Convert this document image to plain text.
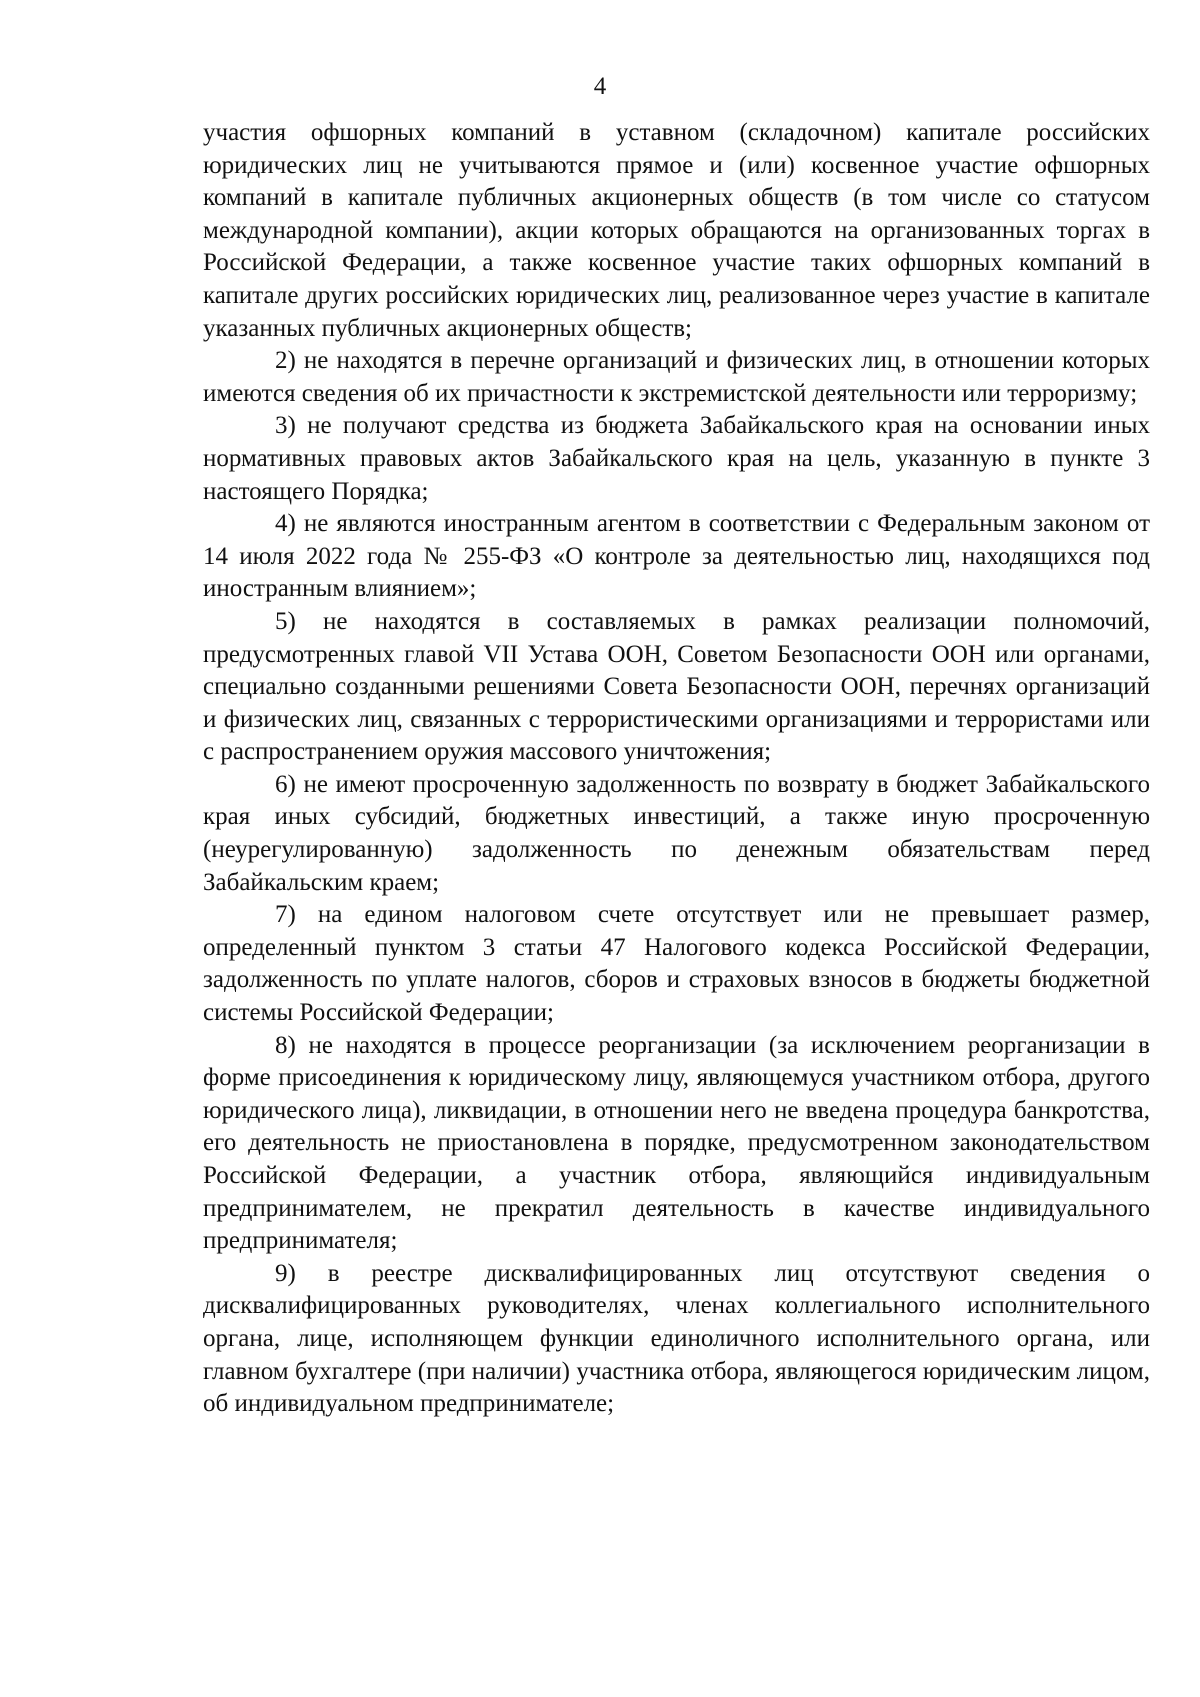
4

участия офшорных компаний в уставном (складочном) капитале российских юридических лиц не учитываются прямое и (или) косвенное участие офшорных компаний в капитале публичных акционерных обществ (в том числе со статусом международной компании), акции которых обращаются на организованных торгах в Российской Федерации, а также косвенное участие таких офшорных компаний в капитале других российских юридических лиц, реализованное через участие в капитале указанных публичных акционерных обществ;

2) не находятся в перечне организаций и физических лиц, в отношении которых имеются сведения об их причастности к экстремистской деятельности или терроризму;

3) не получают средства из бюджета Забайкальского края на основании иных нормативных правовых актов Забайкальского края на цель, указанную в пункте 3 настоящего Порядка;

4) не являются иностранным агентом в соответствии с Федеральным законом от 14 июля 2022 года № 255-ФЗ «О контроле за деятельностью лиц, находящихся под иностранным влиянием»;

5) не находятся в составляемых в рамках реализации полномочий, предусмотренных главой VII Устава ООН, Советом Безопасности ООН или органами, специально созданными решениями Совета Безопасности ООН, перечнях организаций и физических лиц, связанных с террористическими организациями и террористами или с распространением оружия массового уничтожения;

6) не имеют просроченную задолженность по возврату в бюджет Забайкальского края иных субсидий, бюджетных инвестиций, а также иную просроченную (неурегулированную) задолженность по денежным обязательствам перед Забайкальским краем;

7) на едином налоговом счете отсутствует или не превышает размер, определенный пунктом 3 статьи 47 Налогового кодекса Российской Федерации, задолженность по уплате налогов, сборов и страховых взносов в бюджеты бюджетной системы Российской Федерации;

8) не находятся в процессе реорганизации (за исключением реорганизации в форме присоединения к юридическому лицу, являющемуся участником отбора, другого юридического лица), ликвидации, в отношении него не введена процедура банкротства, его деятельность не приостановлена в порядке, предусмотренном законодательством Российской Федерации, а участник отбора, являющийся индивидуальным предпринимателем, не прекратил деятельность в качестве индивидуального предпринимателя;

9) в реестре дисквалифицированных лиц отсутствуют сведения о дисквалифицированных руководителях, членах коллегиального исполнительного органа, лице, исполняющем функции единоличного исполнительного органа, или главном бухгалтере (при наличии) участника отбора, являющегося юридическим лицом, об индивидуальном предпринимателе;
